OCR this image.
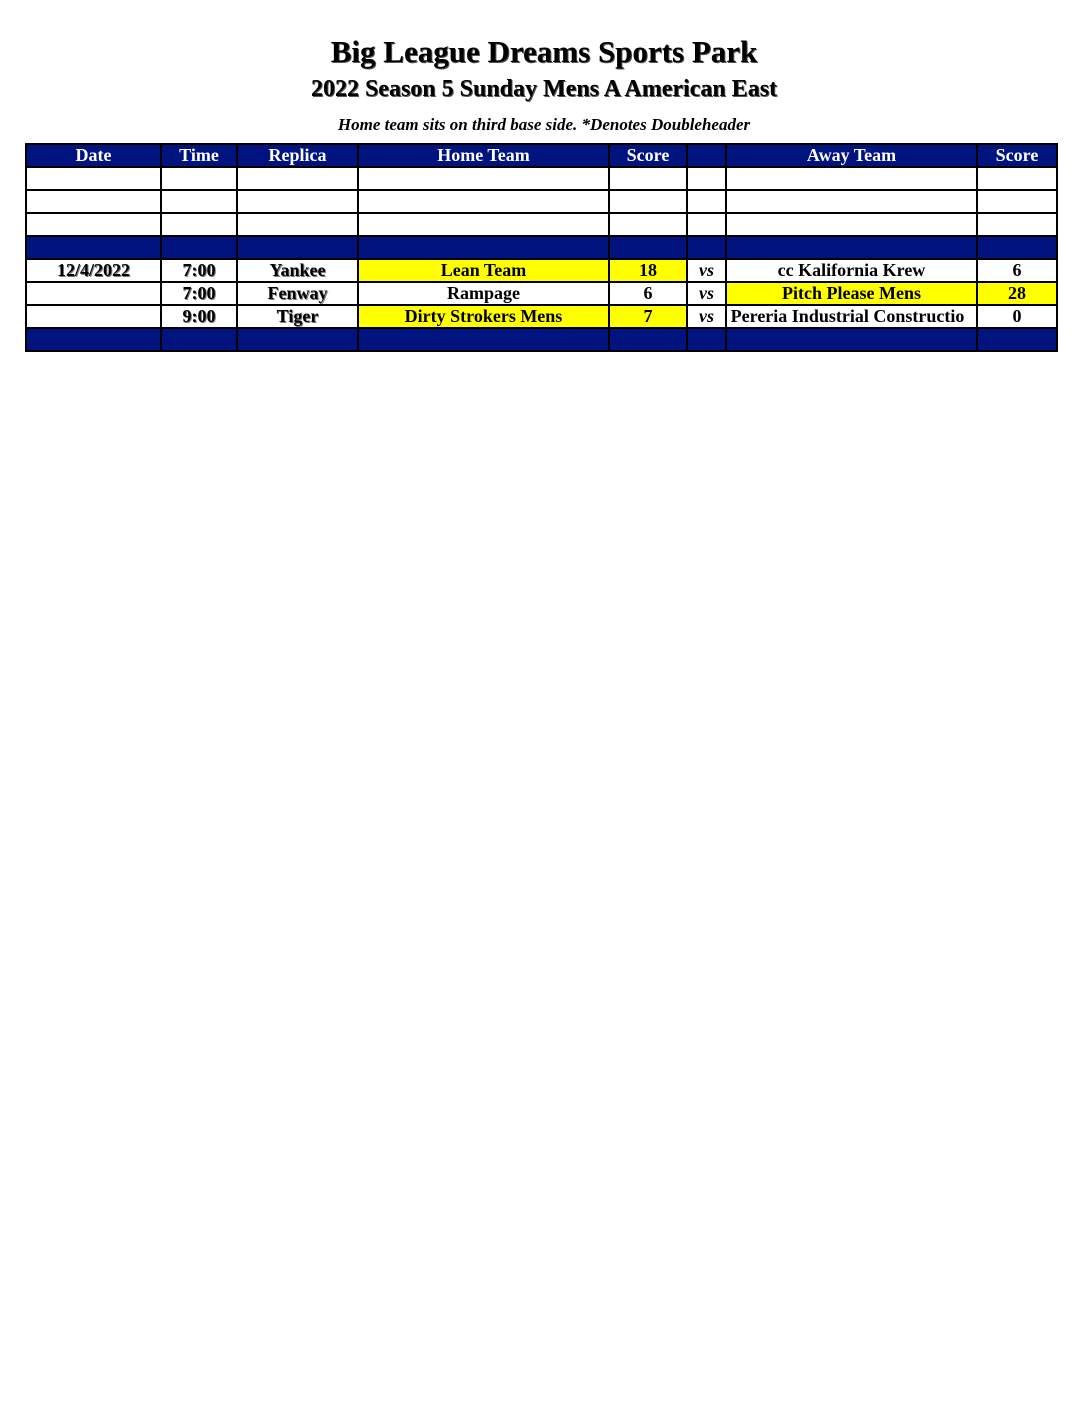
Big League Dreams Sports Park
2022 Season 5 Sunday Mens A American East
Home team sits on third base side. *Denotes Doubleheader
Date	Time	Replica	Home Team	Score		Away Team	Score

12/4/2022	7:00	Yankee	Lean Team	18	vs	cc Kalifornia Krew	6
	7:00	Fenway	Rampage	6	vs	Pitch Please Mens	28
	9:00	Tiger	Dirty Strokers Mens	7	vs	Pereria Industrial Constructio	0
